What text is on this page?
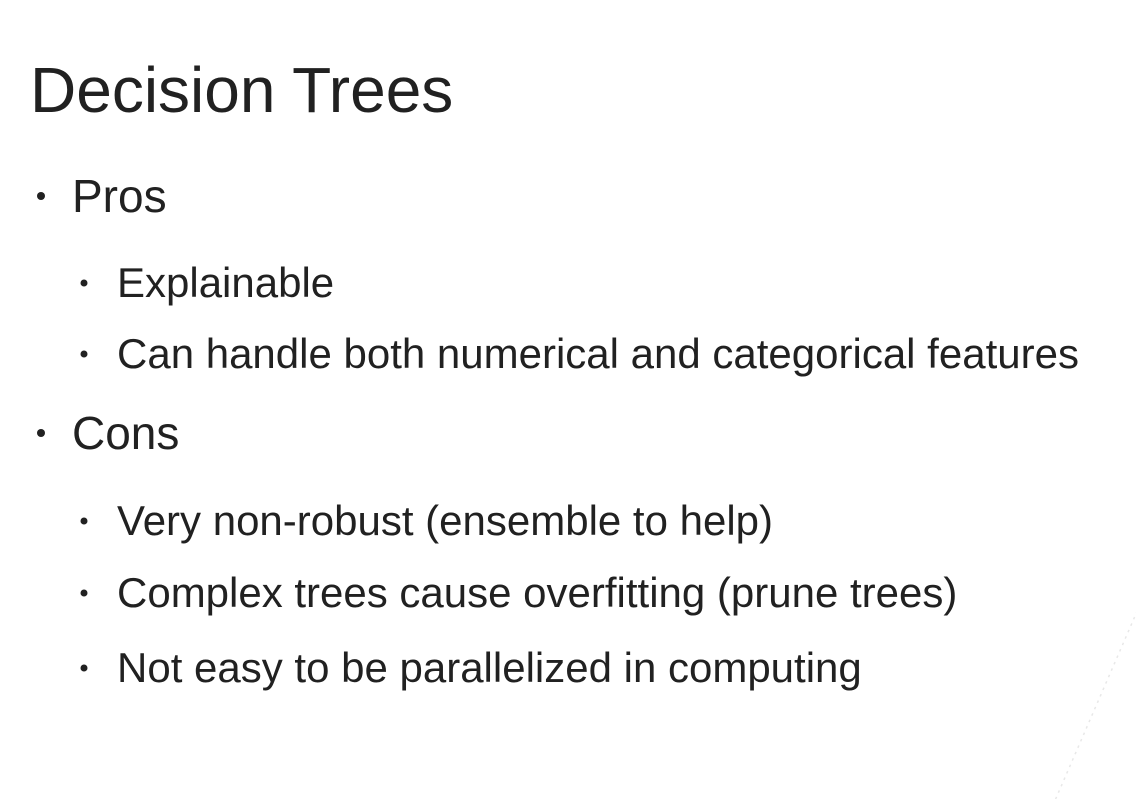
Decision Trees
Pros
Explainable
Can handle both numerical and categorical features
Cons
Very non-robust (ensemble to help)
Complex trees cause overfitting (prune trees)
Not easy to be parallelized in computing
